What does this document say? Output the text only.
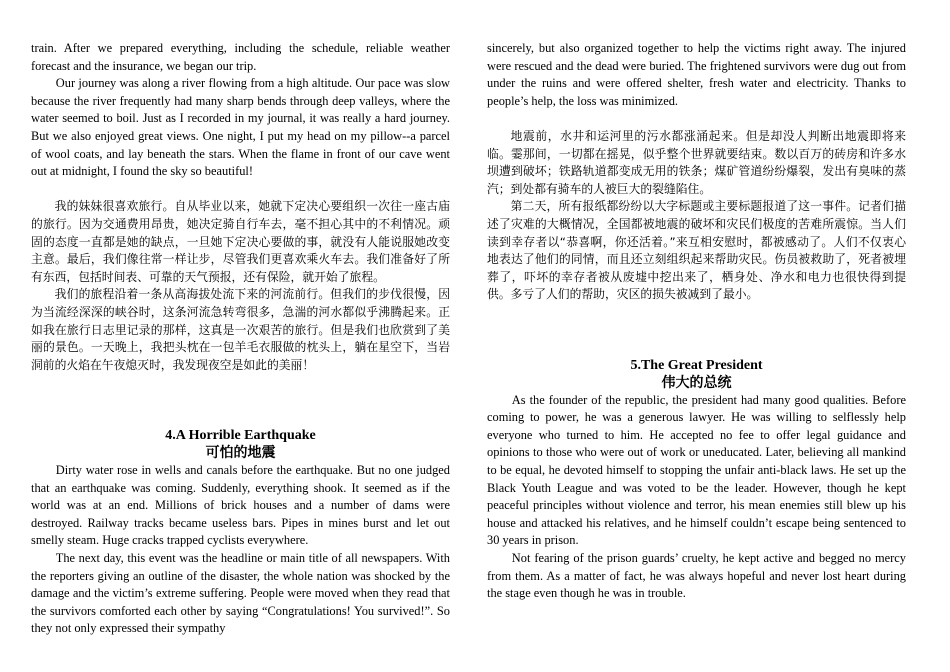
train. After we prepared everything, including the schedule, reliable weather forecast and the insurance, we began our trip.

Our journey was along a river flowing from a high altitude. Our pace was slow because the river frequently had many sharp bends through deep valleys, where the water seemed to boil. Just as I recorded in my journal, it was really a hard journey. But we also enjoyed great views. One night, I put my head on my pillow--a parcel of wool coats, and lay beneath the stars. When the flame in front of our cave went out at midnight, I found the sky so beautiful!

我的妹妹很喜欢旅行。自从毕业以来，她就下定决心要组织一次往一座古庙的旅行。因为交通费用昂贵，她决定骑自行车去，毫不担心其中的不利情况。顽固的态度一直都是她的缺点，一旦她下定决心要做的事，就没有人能说服她改变主意。最后，我们像往常一样让步，尽管我们更喜欢乘火车去。我们准备好了所有东西，包括时间表、可靠的天气预报，还有保险，就开始了旅程。

我们的旅程沿着一条从高海拔处流下来的河流前行。但我们的步伐很慢，因为当流经深深的峡谷时，这条河流急转弯很多，急湍的河水都似乎沸腾起来。正如我在旅行日志里记录的那样，这真是一次艰苦的旅行。但是我们也欣赏到了美丽的景色。一天晚上，我把头枕在一包羊毛衣服做的枕头上，躺在星空下，当岩洞前的火焰在午夜熄灭时，我发现夜空是如此的美丽！

4.A Horrible Earthquake
可怕的地震

Dirty water rose in wells and canals before the earthquake. But no one judged that an earthquake was coming. Suddenly, everything shook. It seemed as if the world was at an end. Millions of brick houses and a number of dams were destroyed. Railway tracks became useless bars. Pipes in mines burst and let out smelly steam. Huge cracks trapped cyclists everywhere.

The next day, this event was the headline or main title of all newspapers. With the reporters giving an outline of the disaster, the whole nation was shocked by the damage and the victim’s extreme suffering. People were moved when they read that the survivors comforted each other by saying “Congratulations! You survived!”. So they not only expressed their sympathy

sincerely, but also organized together to help the victims right away. The injured were rescued and the dead were buried. The frightened survivors were dug out from under the ruins and were offered shelter, fresh water and electricity. Thanks to people’s help, the loss was minimized.

地震前，水井和运河里的污水都涨涌起来。但是却没人判断出地震即将来临。霎那间，一切都在摇晃，似乎整个世界就要结束。数以百万的砖房和许多水坝遭到破坏；铁路轨道都变成无用的铁条；煤矿管道纷纷爆裂，发出有臭味的蒸汽；到处都有骑车的人被巨大的裂缝陷住。

第二天，所有报纸都纷纷以大字标题或主要标题报道了这一事件。记者们描述了灾难的大概情况，全国都被地震的破坏和灾民们极度的苦难所震惊。当人们读到幸存者以“恭喜啊，你还活着。”来互相安慰时，都被感动了。人们不仅衷心地表达了他们的同情，而且还立刻组织起来帮助灾民。伤员被救助了，死者被埋葬了，吓坏的幸存者被从废墟中挖出来了，栖身处、净水和电力也很快得到提供。多亏了人们的帮助，灾区的损失被减到了最小。

5.The Great President
伟大的总统

As the founder of the republic, the president had many good qualities. Before coming to power, he was a generous lawyer. He was willing to selflessly help everyone who turned to him. He accepted no fee to offer legal guidance and opinions to those who were out of work or uneducated. Later, believing all mankind to be equal, he devoted himself to stopping the unfair anti-black laws. He set up the Black Youth League and was voted to be the leader. However, though he kept peaceful principles without violence and terror, his mean enemies still blew up his house and attacked his relatives, and he himself couldn’t escape being sentenced to 30 years in prison.

Not fearing of the prison guards’ cruelty, he kept active and begged no mercy from them. As a matter of fact, he was always hopeful and never lost heart during the stage even though he was in trouble.
